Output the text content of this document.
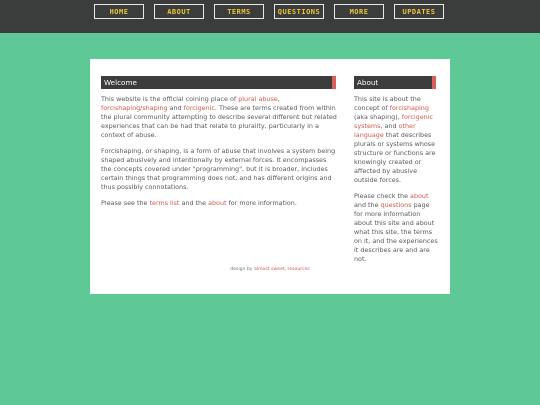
HOME	ABOUT	TERMS	QUESTIONS	MORE	UPDATES
Welcome

This website is the official coining place of plural abuse, forcishaping/shaping and forcigenic. These are terms created from within the plural community attempting to describe several different but related experiences that can be had that relate to plurality, particularly in a context of abuse.

Forcishaping, or shaping, is a form of abuse that involves a system being shaped abusively and intentionally by external forces. It encompasses the concepts covered under "programming", but it is broader, includes certain things that programming does not, and has different origins and thus possibly connotations.

Please see the terms list and the about for more information.

About

This site is about the concept of forcishaping (aka shaping), forcigenic systems, and other language that describes plurals or systems whose structure or functions are knowingly created or affected by abusive outside forces.

Please check the about and the questions page for more information about this site and about what this site, the terms on it, and the experiences it describes are and are not.

design by almost sweet, resources
